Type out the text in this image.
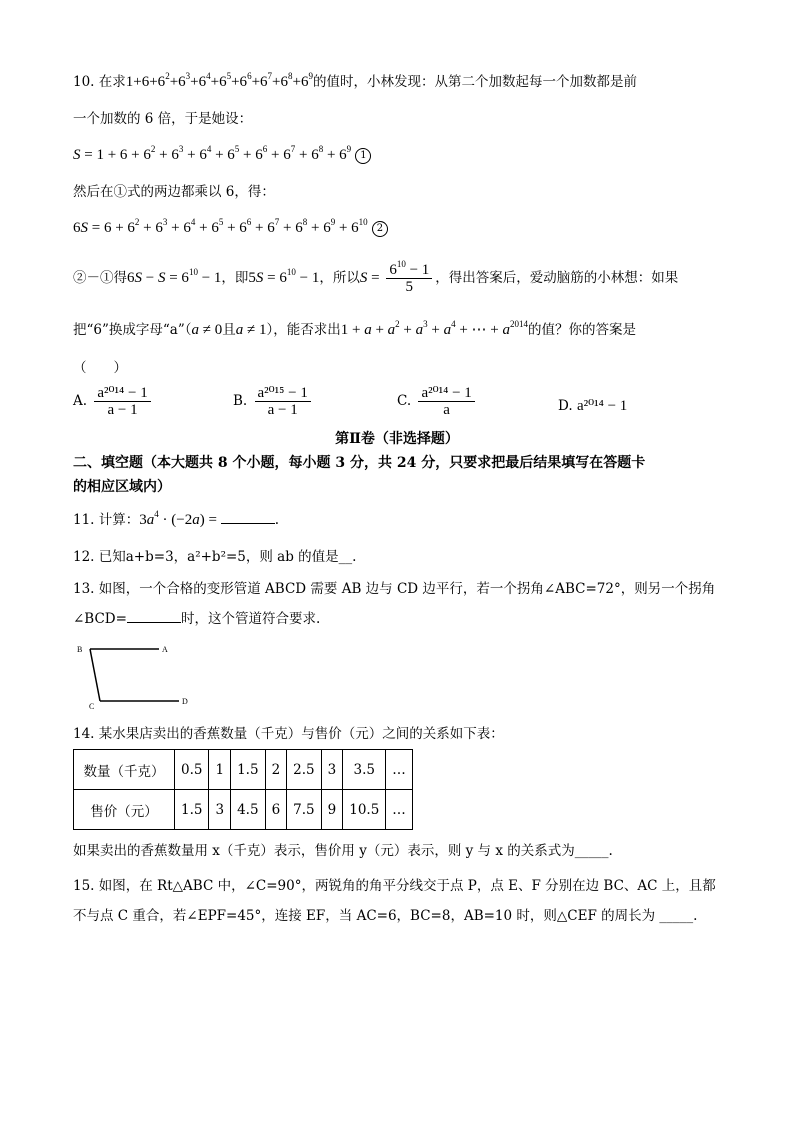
10. 在求$1+6+6^2+6^3+6^4+6^5+6^6+6^7+6^8+6^9$的值时，小林发现：从第二个加数起每一个加数都是前
一个加数的 6 倍，于是她设：
$S = 1 + 6 + 6^2 + 6^3 + 6^4 + 6^5 + 6^6 + 6^7 + 6^8 + 6^9$ 1
然后在①式的两边都乘以 6，得：
$6S = 6 + 6^2 + 6^3 + 6^4 + 6^5 + 6^6 + 6^7 + 6^8 + 6^9 + 6^{10}$ 2
②－①得$6S - S = 6^{10} - 1$，即$5S = 6^{10} - 1$，所以$S = \frac{6^{10} - 1}{5}$ ，得出答案后，爱动脑筋的小林想：如果
把“6”换成字母“a”（a ≠ 0且a ≠ 1），能否求出$1 + a + a^2 + a^3 + a^4$ + ⋯ + $a^{2014}$的值？你的答案是
（　　）
A. $\frac{\text{a²⁰¹⁴ − 1}}{a - 1}$	B. $\frac{\text{a²⁰¹⁵ − 1}}{a - 1}$	C. $\frac{\text{a²⁰¹⁴ − 1}}{a}$	D. a²⁰¹⁴ − 1
第Ⅱ卷（非选择题）
二、填空题（本大题共 8 个小题，每小题 3 分，共 24 分，只要求把最后结果填写在答题卡
的相应区域内）
11. 计算：$3a^4 \cdot (-2a)$ =	.
12. 已知a+b=3，a²+b²=5，则 ab 的值是__.
13. 如图，一个合格的变形管道 ABCD 需要 AB 边与 CD 边平行，若一个拐角∠ABC=72°，则另一个拐角
∠BCD=	时，这个管道符合要求.
B	A
C
D
14. 某水果店卖出的香蕉数量（千克）与售价（元）之间的关系如下表：
数量（千克）	0.5	1	1.5	2	2.5	3	3.5	…
售价（元）	1.5	3	4.5	6	7.5	9	10.5	…
如果卖出的香蕉数量用 x（千克）表示，售价用 y（元）表示，则 y 与 x 的关系式为_____.
15. 如图，在 Rt△ABC 中，∠C=90°，两锐角的角平分线交于点 P，点 E、F 分别在边 BC、AC 上，且都
不与点 C 重合，若∠EPF=45°，连接 EF，当 AC=6，BC=8，AB=10 时，则△CEF 的周长为 _____.
